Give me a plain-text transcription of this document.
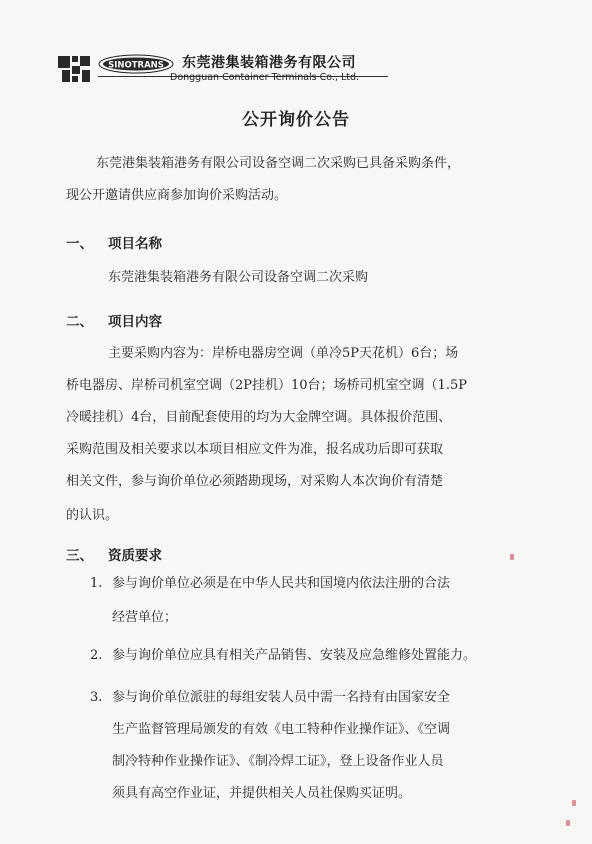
SINOTRANS 东莞港集装箱港务有限公司
Dongguan Container Terminals Co., Ltd.
公开询价公告
东莞港集装箱港务有限公司设备空调二次采购已具备采购条件，
现公开邀请供应商参加询价采购活动。
一、 项目名称
东莞港集装箱港务有限公司设备空调二次采购
二、 项目内容
主要采购内容为：岸桥电器房空调（单冷5P天花机）6台；场
桥电器房、岸桥司机室空调（2P挂机）10台；场桥司机室空调（1.5P
冷暖挂机）4台，目前配套使用的均为大金牌空调。具体报价范围、
采购范围及相关要求以本项目相应文件为准，报名成功后即可获取
相关文件，参与询价单位必须踏勘现场，对采购人本次询价有清楚
的认识。
三、 资质要求
1. 参与询价单位必须是在中华人民共和国境内依法注册的合法
经营单位；
2. 参与询价单位应具有相关产品销售、安装及应急维修处置能力。
3. 参与询价单位派驻的每组安装人员中需一名持有由国家安全
生产监督管理局颁发的有效《电工特种作业操作证》、《空调
制冷特种作业操作证》、《制冷焊工证》，登上设备作业人员
须具有高空作业证，并提供相关人员社保购买证明。
